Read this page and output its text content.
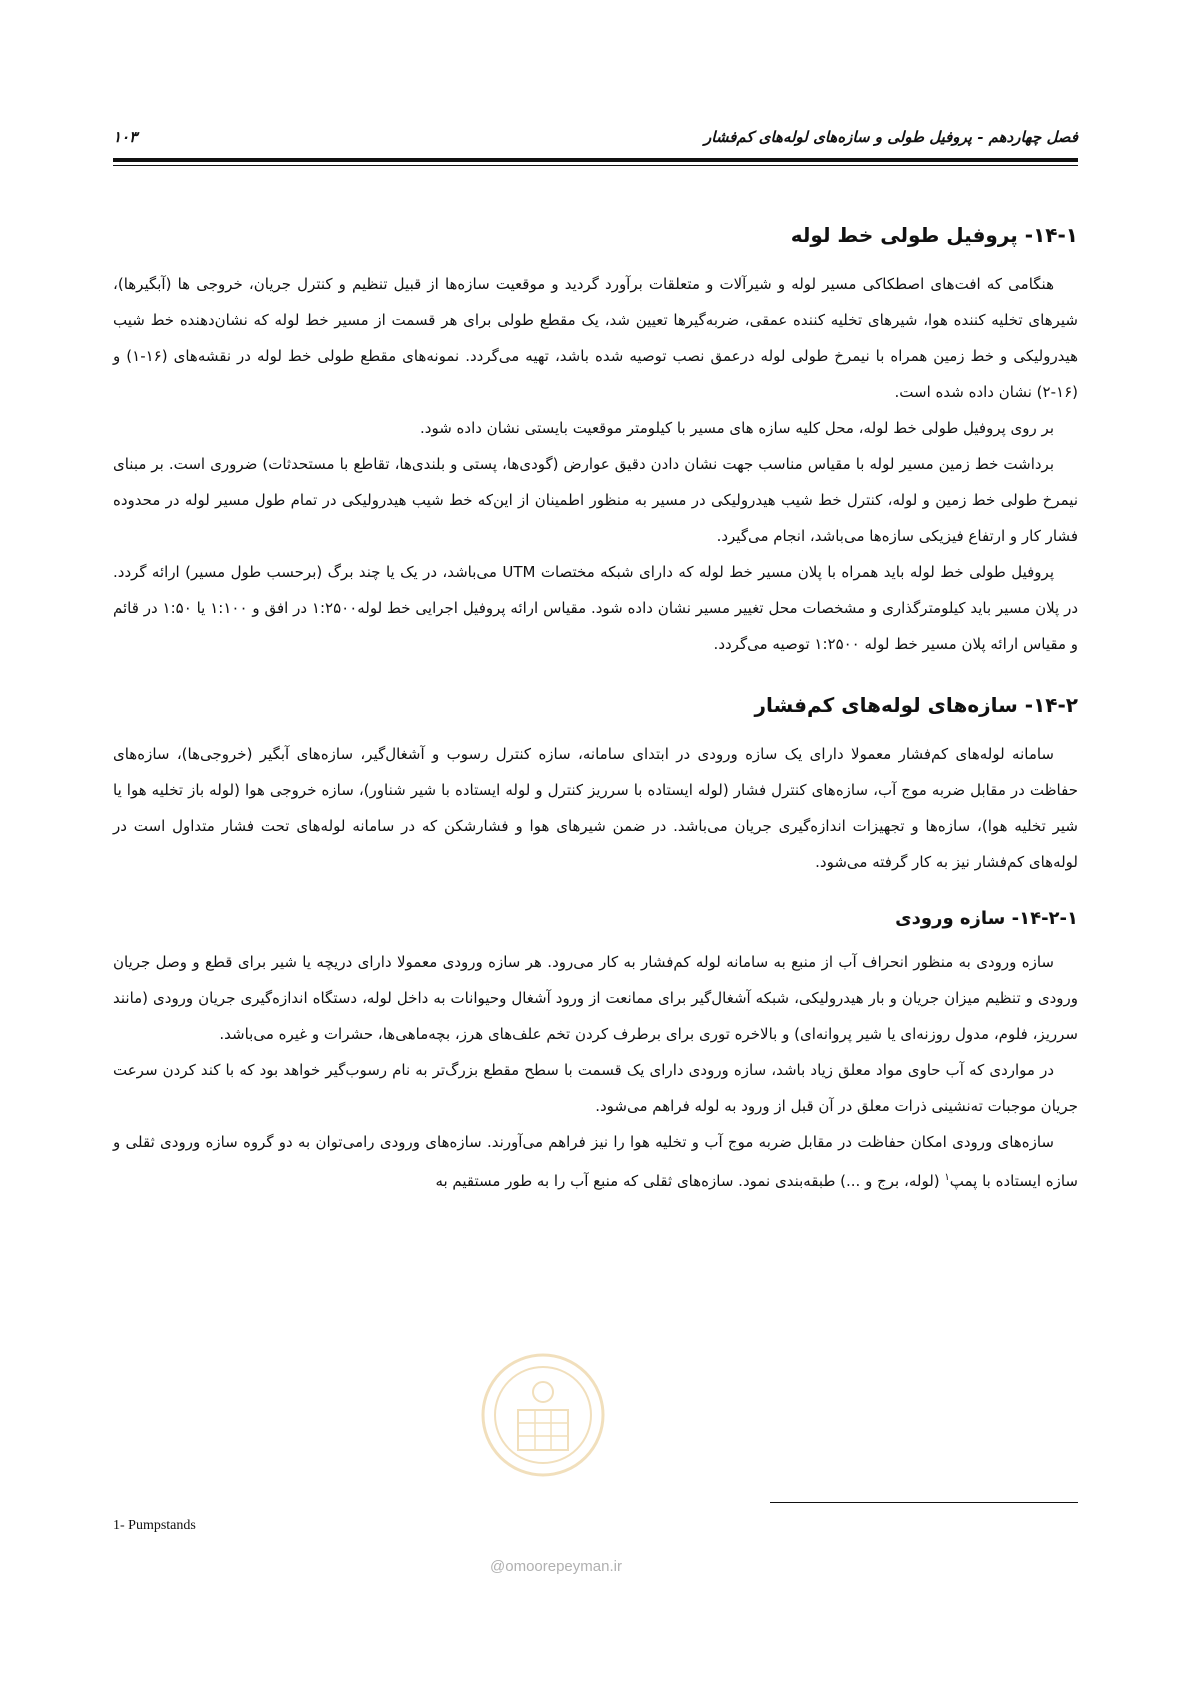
فصل چهاردهم - پروفیل طولی و سازه‌های لوله‌های کم‌فشار
۱۰۳
۱۴-۱- پروفیل طولی خط لوله

هنگامی که افت‌های اصطکاکی مسیر لوله و شیرآلات و متعلقات برآورد گردید و موقعیت سازه‌ها از قبیل تنظیم و کنترل جریان، خروجی ها (آبگیرها)، شیرهای تخلیه کننده هوا، شیرهای تخلیه کننده عمقی، ضربه‌گیرها تعیین شد، یک مقطع طولی برای هر قسمت از مسیر خط لوله که نشان‌دهنده خط شیب هیدرولیکی و خط زمین همراه با نیمرخ طولی لوله درعمق نصب توصیه شده باشد، تهیه می‌گردد. نمونه‌های مقطع طولی خط لوله در نقشه‌های (۱۶-۱) و (۱۶-۲) نشان داده شده است.

بر روی پروفیل طولی خط لوله، محل کلیه سازه های مسیر با کیلومتر موقعیت بایستی نشان داده شود.

برداشت خط زمین مسیر لوله با مقیاس مناسب جهت نشان دادن دقیق عوارض (گودی‌ها، پستی و بلندی‌ها، تقاطع با مستحدثات) ضروری است. بر مبنای نیمرخ طولی خط زمین و لوله، کنترل خط شیب هیدرولیکی در مسیر به منظور اطمینان از این‌که خط شیب هیدرولیکی در تمام طول مسیر لوله در محدوده فشار کار و ارتفاع فیزیکی سازه‌ها می‌باشد، انجام می‌گیرد.

پروفیل طولی خط لوله باید همراه با پلان مسیر خط لوله که دارای شبکه مختصات UTM می‌باشد، در یک یا چند برگ (برحسب طول مسیر) ارائه گردد. در پلان مسیر باید کیلومترگذاری و مشخصات محل تغییر مسیر نشان داده شود. مقیاس ارائه پروفیل اجرایی خط لوله۱:۲۵۰۰ در افق و ۱:۱۰۰ یا ۱:۵۰ در قائم و مقیاس ارائه پلان مسیر خط لوله ۱:۲۵۰۰ توصیه می‌گردد.

۱۴-۲- سازه‌های لوله‌های کم‌فشار

سامانه لوله‌های کم‌فشار معمولا دارای یک سازه ورودی در ابتدای سامانه، سازه کنترل رسوب و آشغال‌گیر، سازه‌های آبگیر (خروجی‌ها)، سازه‌های حفاظت در مقابل ضربه موج آب، سازه‌های کنترل فشار (لوله ایستاده با سرریز کنترل و لوله ایستاده با شیر شناور)، سازه خروجی هوا (لوله باز تخلیه هوا یا شیر تخلیه هوا)، سازه‌ها و تجهیزات اندازه‌گیری جریان می‌باشد. در ضمن شیرهای هوا و فشارشکن که در سامانه لوله‌های تحت فشار متداول است در لوله‌های کم‌فشار نیز به کار گرفته می‌شود.

۱۴-۲-۱- سازه ورودی

سازه ورودی به منظور انحراف آب از منبع به سامانه لوله کم‌فشار به کار می‌رود. هر سازه ورودی معمولا دارای دریچه یا شیر برای قطع و وصل جریان ورودی و تنظیم میزان جریان و بار هیدرولیکی، شبکه آشغال‌گیر برای ممانعت از ورود آشغال وحیوانات به داخل لوله، دستگاه اندازه‌گیری جریان ورودی (مانند سرریز، فلوم، مدول روزنه‌ای یا شیر پروانه‌ای) و بالاخره توری برای برطرف کردن تخم علف‌های هرز، بچه‌ماهی‌ها، حشرات و غیره می‌باشد.

در مواردی که آب حاوی مواد معلق زیاد باشد، سازه ورودی دارای یک قسمت با سطح مقطع بزرگ‌تر به نام رسوب‌گیر خواهد بود که با کند کردن سرعت جریان موجبات ته‌نشینی ذرات معلق در آن قبل از ورود به لوله فراهم می‌شود.

سازه‌های ورودی امکان حفاظت در مقابل ضربه موج آب و تخلیه هوا را نیز فراهم می‌آورند. سازه‌های ورودی رامی‌توان به دو گروه سازه ورودی ثقلی و سازه ایستاده با پمپ$^۱$ (لوله، برج و ...) طبقه‌بندی نمود. سازه‌های ثقلی که منبع آب را به طور مستقیم به

1- Pumpstands
@omoorepeyman.ir
